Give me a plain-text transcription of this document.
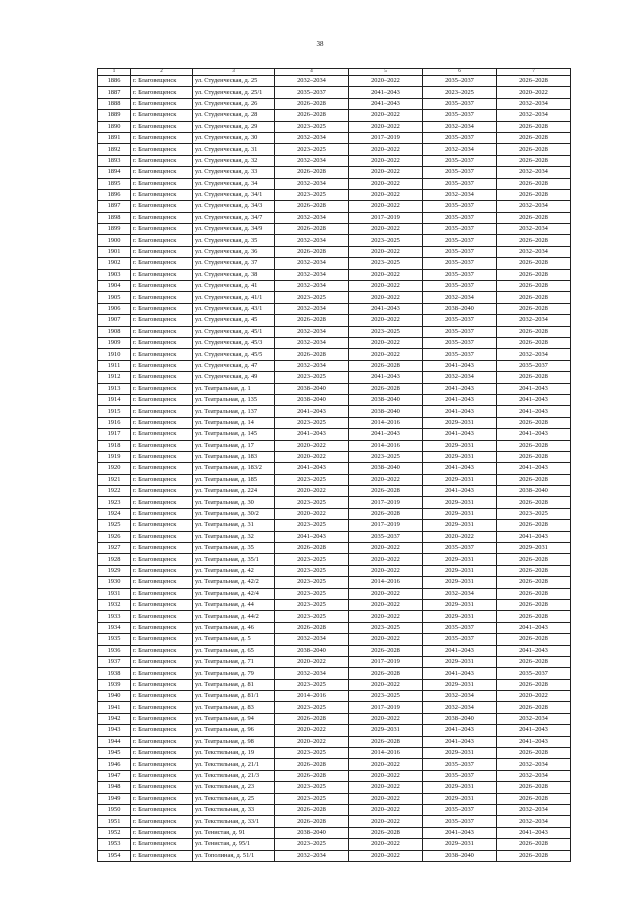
38
1	2	3	4	5	6	7
1886	г. Благовещенск	ул. Студенческая, д. 25	2032–2034	2020–2022	2035–2037	2026–2028
1887	г. Благовещенск	ул. Студенческая, д. 25/1	2035–2037	2041–2043	2023–2025	2020–2022
1888	г. Благовещенск	ул. Студенческая, д. 26	2026–2028	2041–2043	2035–2037	2032–2034
1889	г. Благовещенск	ул. Студенческая, д. 28	2026–2028	2020–2022	2035–2037	2032–2034
1890	г. Благовещенск	ул. Студенческая, д. 29	2023–2025	2020–2022	2032–2034	2026–2028
1891	г. Благовещенск	ул. Студенческая, д. 30	2032–2034	2017–2019	2035–2037	2026–2028
1892	г. Благовещенск	ул. Студенческая, д. 31	2023–2025	2020–2022	2032–2034	2026–2028
1893	г. Благовещенск	ул. Студенческая, д. 32	2032–2034	2020–2022	2035–2037	2026–2028
1894	г. Благовещенск	ул. Студенческая, д. 33	2026–2028	2020–2022	2035–2037	2032–2034
1895	г. Благовещенск	ул. Студенческая, д. 34	2032–2034	2020–2022	2035–2037	2026–2028
1896	г. Благовещенск	ул. Студенческая, д. 34/1	2023–2025	2020–2022	2032–2034	2026–2028
1897	г. Благовещенск	ул. Студенческая, д. 34/3	2026–2028	2020–2022	2035–2037	2032–2034
1898	г. Благовещенск	ул. Студенческая, д. 34/7	2032–2034	2017–2019	2035–2037	2026–2028
1899	г. Благовещенск	ул. Студенческая, д. 34/9	2026–2028	2020–2022	2035–2037	2032–2034
1900	г. Благовещенск	ул. Студенческая, д. 35	2032–2034	2023–2025	2035–2037	2026–2028
1901	г. Благовещенск	ул. Студенческая, д. 36	2026–2028	2020–2022	2035–2037	2032–2034
1902	г. Благовещенск	ул. Студенческая, д. 37	2032–2034	2023–2025	2035–2037	2026–2028
1903	г. Благовещенск	ул. Студенческая, д. 38	2032–2034	2020–2022	2035–2037	2026–2028
1904	г. Благовещенск	ул. Студенческая, д. 41	2032–2034	2020–2022	2035–2037	2026–2028
1905	г. Благовещенск	ул. Студенческая, д. 41/1	2023–2025	2020–2022	2032–2034	2026–2028
1906	г. Благовещенск	ул. Студенческая, д. 43/1	2032–2034	2041–2043	2038–2040	2026–2028
1907	г. Благовещенск	ул. Студенческая, д. 45	2026–2028	2020–2022	2035–2037	2032–2034
1908	г. Благовещенск	ул. Студенческая, д. 45/1	2032–2034	2023–2025	2035–2037	2026–2028
1909	г. Благовещенск	ул. Студенческая, д. 45/3	2032–2034	2020–2022	2035–2037	2026–2028
1910	г. Благовещенск	ул. Студенческая, д. 45/5	2026–2028	2020–2022	2035–2037	2032–2034
1911	г. Благовещенск	ул. Студенческая, д. 47	2032–2034	2026–2028	2041–2043	2035–2037
1912	г. Благовещенск	ул. Студенческая, д. 49	2023–2025	2041–2043	2032–2034	2026–2028
1913	г. Благовещенск	ул. Театральная, д. 1	2038–2040	2026–2028	2041–2043	2041–2043
1914	г. Благовещенск	ул. Театральная, д. 135	2038–2040	2038–2040	2041–2043	2041–2043
1915	г. Благовещенск	ул. Театральная, д. 137	2041–2043	2038–2040	2041–2043	2041–2043
1916	г. Благовещенск	ул. Театральная, д. 14	2023–2025	2014–2016	2029–2031	2026–2028
1917	г. Благовещенск	ул. Театральная, д. 145	2041–2043	2041–2043	2041–2043	2041–2043
1918	г. Благовещенск	ул. Театральная, д. 17	2020–2022	2014–2016	2029–2031	2026–2028
1919	г. Благовещенск	ул. Театральная, д. 183	2020–2022	2023–2025	2029–2031	2026–2028
1920	г. Благовещенск	ул. Театральная, д. 183/2	2041–2043	2038–2040	2041–2043	2041–2043
1921	г. Благовещенск	ул. Театральная, д. 185	2023–2025	2020–2022	2029–2031	2026–2028
1922	г. Благовещенск	ул. Театральная, д. 224	2020–2022	2026–2028	2041–2043	2038–2040
1923	г. Благовещенск	ул. Театральная, д. 30	2023–2025	2017–2019	2029–2031	2026–2028
1924	г. Благовещенск	ул. Театральная, д. 30/2	2020–2022	2026–2028	2029–2031	2023–2025
1925	г. Благовещенск	ул. Театральная, д. 31	2023–2025	2017–2019	2029–2031	2026–2028
1926	г. Благовещенск	ул. Театральная, д. 32	2041–2043	2035–2037	2020–2022	2041–2043
1927	г. Благовещенск	ул. Театральная, д. 35	2026–2028	2020–2022	2035–2037	2029–2031
1928	г. Благовещенск	ул. Театральная, д. 35/1	2023–2025	2020–2022	2029–2031	2026–2028
1929	г. Благовещенск	ул. Театральная, д. 42	2023–2025	2020–2022	2029–2031	2026–2028
1930	г. Благовещенск	ул. Театральная, д. 42/2	2023–2025	2014–2016	2029–2031	2026–2028
1931	г. Благовещенск	ул. Театральная, д. 42/4	2023–2025	2020–2022	2032–2034	2026–2028
1932	г. Благовещенск	ул. Театральная, д. 44	2023–2025	2020–2022	2029–2031	2026–2028
1933	г. Благовещенск	ул. Театральная, д. 44/2	2023–2025	2020–2022	2029–2031	2026–2028
1934	г. Благовещенск	ул. Театральная, д. 46	2026–2028	2023–2025	2035–2037	2041–2043
1935	г. Благовещенск	ул. Театральная, д. 5	2032–2034	2020–2022	2035–2037	2026–2028
1936	г. Благовещенск	ул. Театральная, д. 65	2038–2040	2026–2028	2041–2043	2041–2043
1937	г. Благовещенск	ул. Театральная, д. 71	2020–2022	2017–2019	2029–2031	2026–2028
1938	г. Благовещенск	ул. Театральная, д. 79	2032–2034	2026–2028	2041–2043	2035–2037
1939	г. Благовещенск	ул. Театральная, д. 81	2023–2025	2020–2022	2029–2031	2026–2028
1940	г. Благовещенск	ул. Театральная, д. 81/1	2014–2016	2023–2025	2032–2034	2020–2022
1941	г. Благовещенск	ул. Театральная, д. 83	2023–2025	2017–2019	2032–2034	2026–2028
1942	г. Благовещенск	ул. Театральная, д. 94	2026–2028	2020–2022	2038–2040	2032–2034
1943	г. Благовещенск	ул. Театральная, д. 96	2020–2022	2029–2031	2041–2043	2041–2043
1944	г. Благовещенск	ул. Театральная, д. 98	2020–2022	2026–2028	2041–2043	2041–2043
1945	г. Благовещенск	ул. Текстильная, д. 19	2023–2025	2014–2016	2029–2031	2026–2028
1946	г. Благовещенск	ул. Текстильная, д. 21/1	2026–2028	2020–2022	2035–2037	2032–2034
1947	г. Благовещенск	ул. Текстильная, д. 21/3	2026–2028	2020–2022	2035–2037	2032–2034
1948	г. Благовещенск	ул. Текстильная, д. 23	2023–2025	2020–2022	2029–2031	2026–2028
1949	г. Благовещенск	ул. Текстильная, д. 25	2023–2025	2020–2022	2029–2031	2026–2028
1950	г. Благовещенск	ул. Текстильная, д. 33	2026–2028	2020–2022	2035–2037	2032–2034
1951	г. Благовещенск	ул. Текстильная, д. 33/1	2026–2028	2020–2022	2035–2037	2032–2034
1952	г. Благовещенск	ул. Тенистая, д. 91	2038–2040	2026–2028	2041–2043	2041–2043
1953	г. Благовещенск	ул. Тенистая, д. 95/1	2023–2025	2020–2022	2029–2031	2026–2028
1954	г. Благовещенск	ул. Тополиная, д. 51/1	2032–2034	2020–2022	2038–2040	2026–2028
